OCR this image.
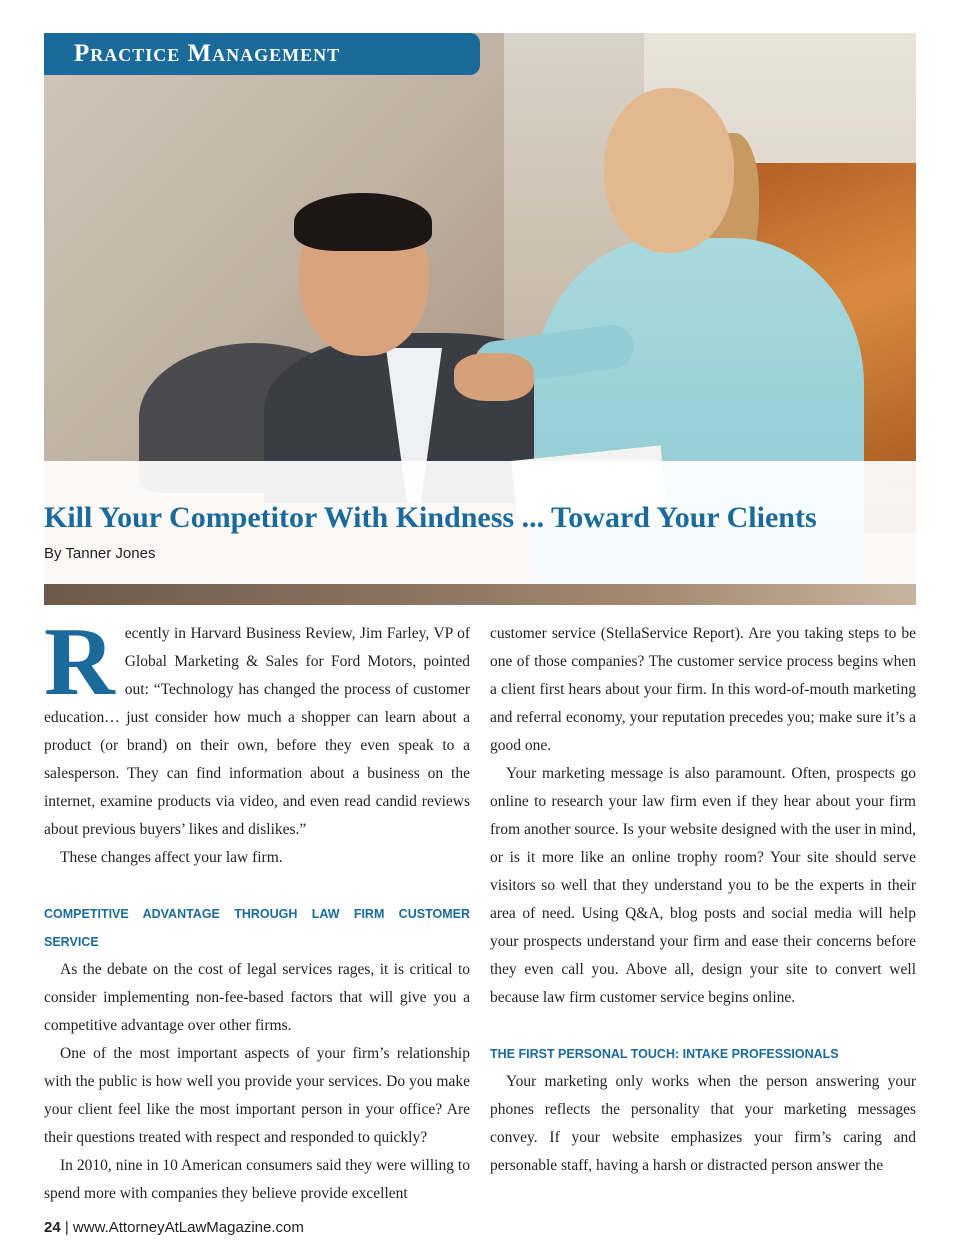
Practice Management
Kill Your Competitor With Kindness ... Toward Your Clients
By Tanner Jones

Recently in Harvard Business Review, Jim Farley, VP of Global Marketing & Sales for Ford Motors, pointed out: “Technology has changed the process of customer education… just consider how much a shopper can learn about a product (or brand) on their own, before they even speak to a salesperson. They can find information about a business on the internet, examine products via video, and even read candid reviews about previous buyers’ likes and dislikes.”

These changes affect your law firm.

COMPETITIVE ADVANTAGE THROUGH LAW FIRM CUSTOMER SERVICE

As the debate on the cost of legal services rages, it is critical to consider implementing non-fee-based factors that will give you a competitive advantage over other firms.

One of the most important aspects of your firm’s relationship with the public is how well you provide your services. Do you make your client feel like the most important person in your office? Are their questions treated with respect and responded to quickly?

In 2010, nine in 10 American consumers said they were willing to spend more with companies they believe provide excellent

customer service (StellaService Report). Are you taking steps to be one of those companies? The customer service process begins when a client first hears about your firm. In this word-of-mouth marketing and referral economy, your reputation precedes you; make sure it’s a good one.

Your marketing message is also paramount. Often, prospects go online to research your law firm even if they hear about your firm from another source. Is your website designed with the user in mind, or is it more like an online trophy room? Your site should serve visitors so well that they understand you to be the experts in their area of need. Using Q&A, blog posts and social media will help your prospects understand your firm and ease their concerns before they even call you. Above all, design your site to convert well because law firm customer service begins online.

THE FIRST PERSONAL TOUCH: INTAKE PROFESSIONALS

Your marketing only works when the person answering your phones reflects the personality that your marketing messages convey. If your website emphasizes your firm’s caring and personable staff, having a harsh or distracted person answer the

24 | www.AttorneyAtLawMagazine.com
